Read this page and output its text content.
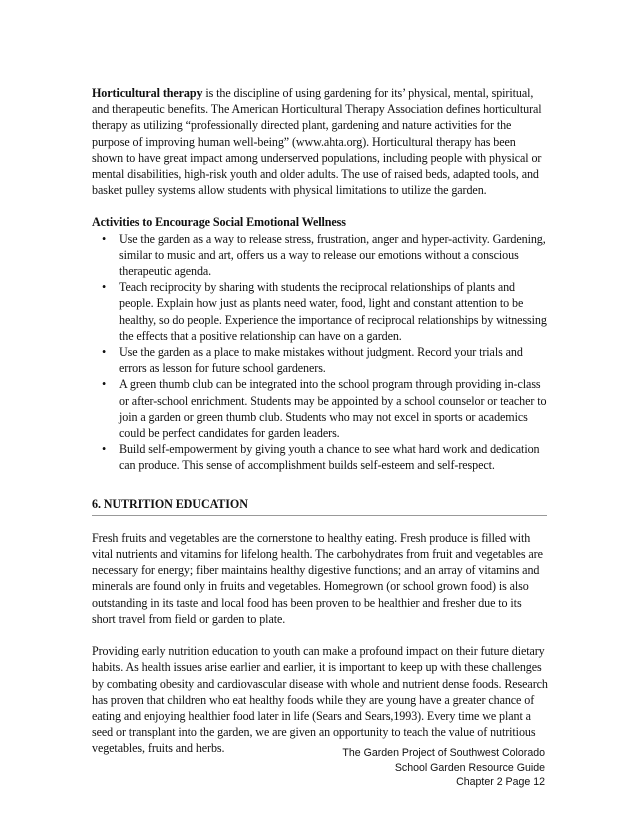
Horticultural therapy is the discipline of using gardening for its’ physical, mental, spiritual, and therapeutic benefits. The American Horticultural Therapy Association defines horticultural therapy as utilizing “professionally directed plant, gardening and nature activities for the purpose of improving human well-being” (www.ahta.org). Horticultural therapy has been shown to have great impact among underserved populations, including people with physical or mental disabilities, high-risk youth and older adults. The use of raised beds, adapted tools, and basket pulley systems allow students with physical limitations to utilize the garden.

Activities to Encourage Social Emotional Wellness

• Use the garden as a way to release stress, frustration, anger and hyper-activity. Gardening, similar to music and art, offers us a way to release our emotions without a conscious therapeutic agenda.
• Teach reciprocity by sharing with students the reciprocal relationships of plants and people. Explain how just as plants need water, food, light and constant attention to be healthy, so do people. Experience the importance of reciprocal relationships by witnessing the effects that a positive relationship can have on a garden.
• Use the garden as a place to make mistakes without judgment. Record your trials and errors as lesson for future school gardeners.
• A green thumb club can be integrated into the school program through providing in-class or after-school enrichment. Students may be appointed by a school counselor or teacher to join a garden or green thumb club. Students who may not excel in sports or academics could be perfect candidates for garden leaders.
• Build self-empowerment by giving youth a chance to see what hard work and dedication can produce. This sense of accomplishment builds self-esteem and self-respect.
6. NUTRITION EDUCATION

Fresh fruits and vegetables are the cornerstone to healthy eating. Fresh produce is filled with vital nutrients and vitamins for lifelong health. The carbohydrates from fruit and vegetables are necessary for energy; fiber maintains healthy digestive functions; and an array of vitamins and minerals are found only in fruits and vegetables. Homegrown (or school grown food) is also outstanding in its taste and local food has been proven to be healthier and fresher due to its short travel from field or garden to plate.

Providing early nutrition education to youth can make a profound impact on their future dietary habits. As health issues arise earlier and earlier, it is important to keep up with these challenges by combating obesity and cardiovascular disease with whole and nutrient dense foods. Research has proven that children who eat healthy foods while they are young have a greater chance of eating and enjoying healthier food later in life (Sears and Sears,1993). Every time we plant a seed or transplant into the garden, we are given an opportunity to teach the value of nutritious vegetables, fruits and herbs.	The Garden Project of Southwest Colorado
School Garden Resource Guide
Chapter 2 Page 12
